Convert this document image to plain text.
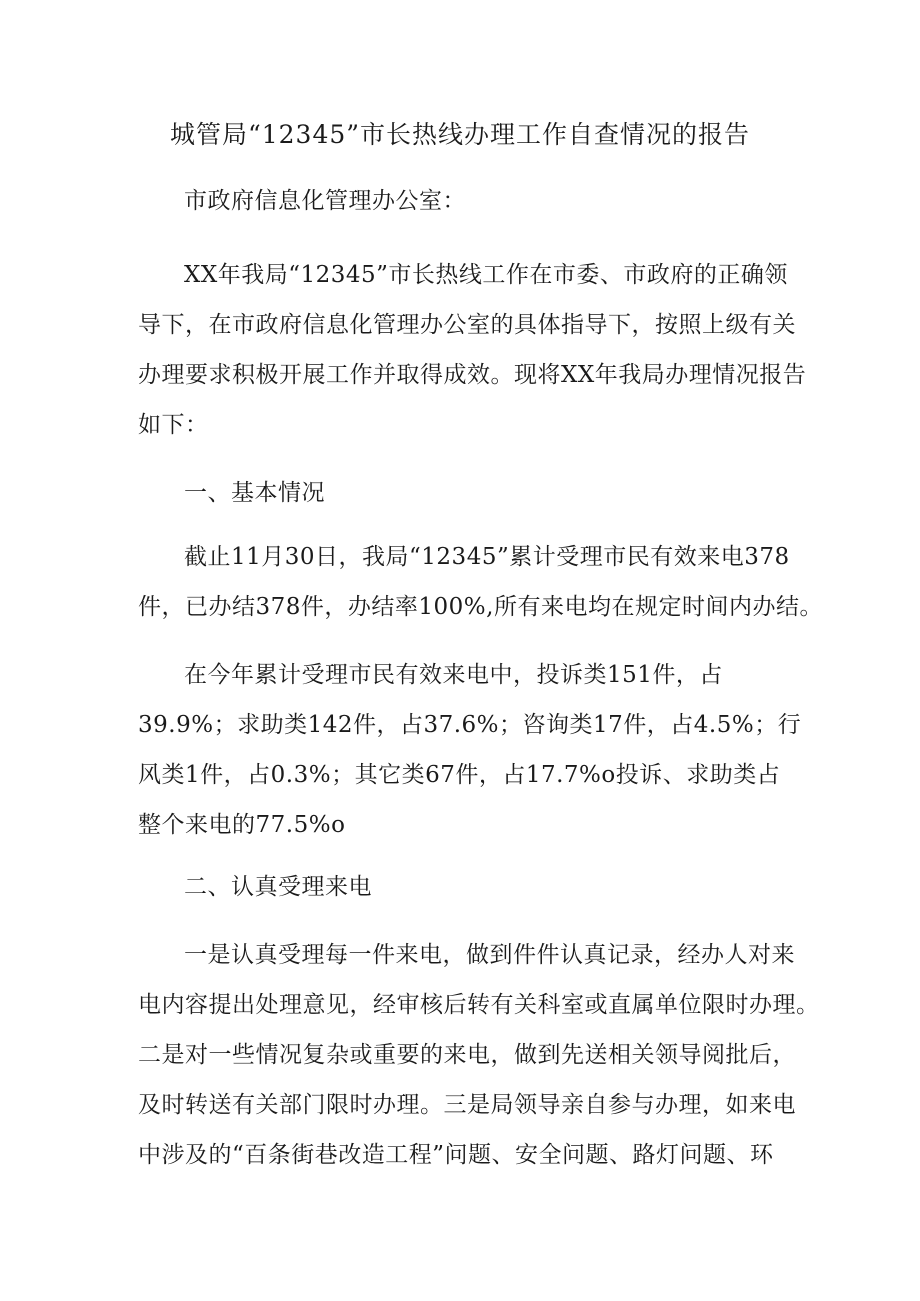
城管局“12345”市长热线办理工作自查情况的报告
市政府信息化管理办公室：
XX年我局“12345”市长热线工作在市委、市政府的正确领
导下，在市政府信息化管理办公室的具体指导下，按照上级有关
办理要求积极开展工作并取得成效。现将XX年我局办理情况报告
如下：
一、基本情况
截止11月30日，我局“12345”累计受理市民有效来电378
件，已办结378件，办结率100%,所有来电均在规定时间内办结。
在今年累计受理市民有效来电中，投诉类151件，占
39.9%；求助类142件，占37.6%；咨询类17件，占4.5%；行
风类1件，占0.3%；其它类67件，占17.7%o投诉、求助类占
整个来电的77.5%o
二、认真受理来电
一是认真受理每一件来电，做到件件认真记录，经办人对来
电内容提出处理意见，经审核后转有关科室或直属单位限时办理。
二是对一些情况复杂或重要的来电，做到先送相关领导阅批后，
及时转送有关部门限时办理。三是局领导亲自参与办理，如来电
中涉及的“百条街巷改造工程”问题、安全问题、路灯问题、环
